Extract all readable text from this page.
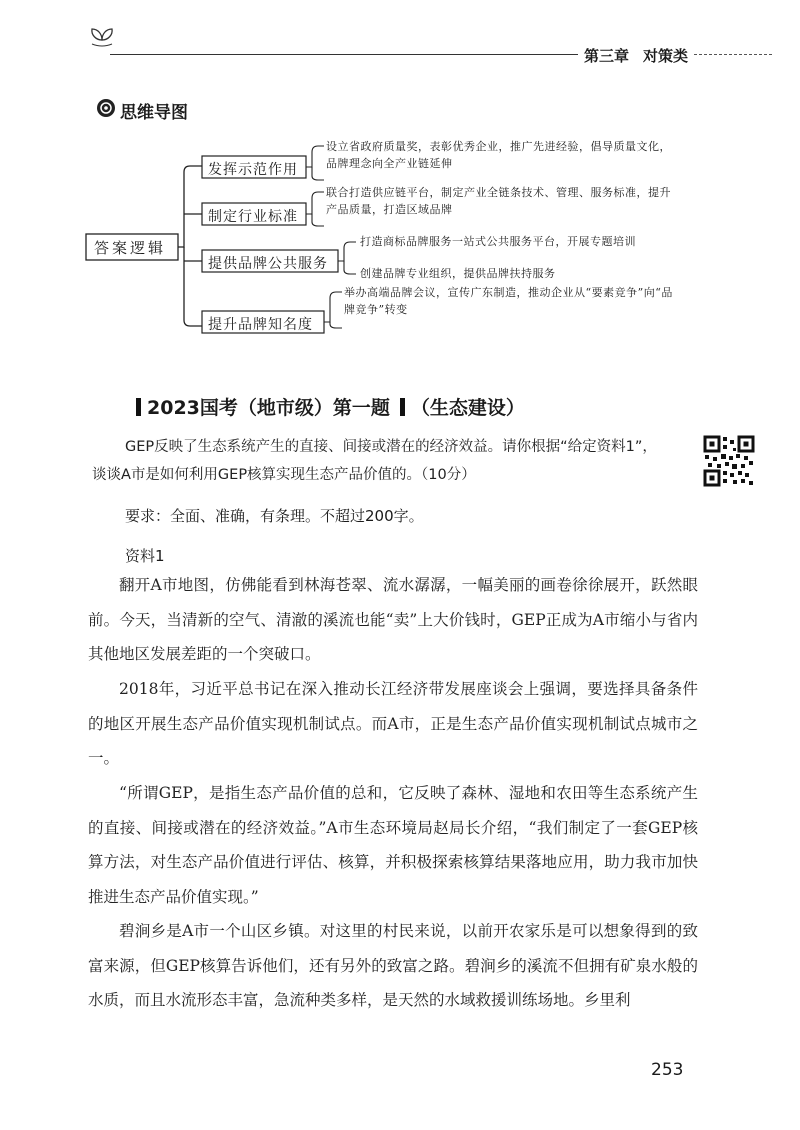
第三章 对策类
思维导图
答案逻辑
发挥示范作用
设立省政府质量奖，表彰优秀企业，推广先进经验，倡导质量文化，品牌理念向全产业链延伸
制定行业标准
联合打造供应链平台，制定产业全链条技术、管理、服务标准，提升产品质量，打造区域品牌
提供品牌公共服务
打造商标品牌服务一站式公共服务平台，开展专题培训
创建品牌专业组织，提供品牌扶持服务
提升品牌知名度
举办高端品牌会议，宣传广东制造，推动企业从“要素竞争”向“品牌竞争”转变
2023国考（地市级）第一题 （生态建设）
GEP反映了生态系统产生的直接、间接或潜在的经济效益。请你根据“给定资料1”，
谈谈A市是如何利用GEP核算实现生态产品价值的。（10分）
要求：全面、准确，有条理。不超过200字。
资料1
翻开A市地图，仿佛能看到林海苍翠、流水潺潺，一幅美丽的画卷徐徐展开，跃然眼前。今天，当清新的空气、清澈的溪流也能“卖”上大价钱时，GEP正成为A市缩小与省内其他地区发展差距的一个突破口。
2018年，习近平总书记在深入推动长江经济带发展座谈会上强调，要选择具备条件的地区开展生态产品价值实现机制试点。而A市，正是生态产品价值实现机制试点城市之一。
“所谓GEP，是指生态产品价值的总和，它反映了森林、湿地和农田等生态系统产生的直接、间接或潜在的经济效益。”A市生态环境局赵局长介绍，“我们制定了一套GEP核算方法，对生态产品价值进行评估、核算，并积极探索核算结果落地应用，助力我市加快推进生态产品价值实现。”
碧涧乡是A市一个山区乡镇。对这里的村民来说，以前开农家乐是可以想象得到的致富来源，但GEP核算告诉他们，还有另外的致富之路。碧涧乡的溪流不但拥有矿泉水般的水质，而且水流形态丰富，急流种类多样，是天然的水域救援训练场地。乡里利
253
